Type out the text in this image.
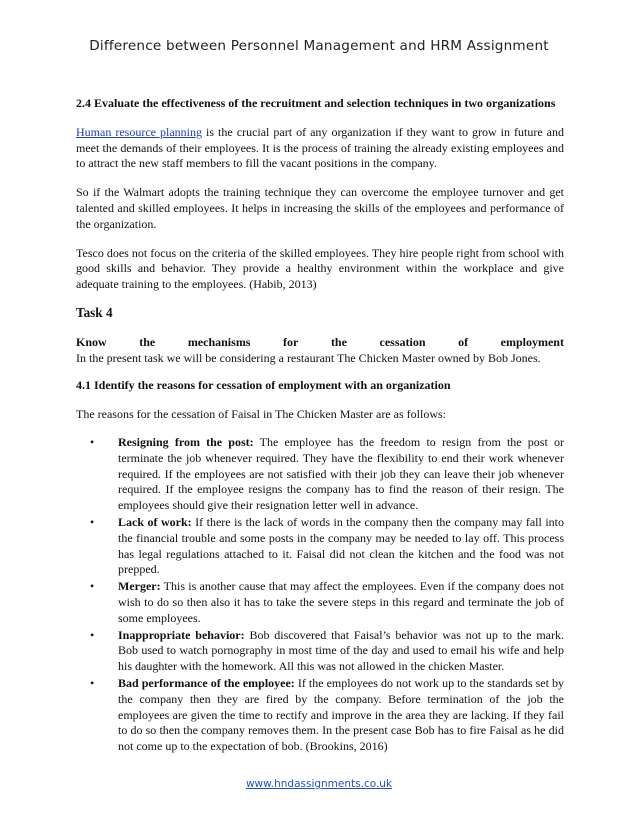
Difference between Personnel Management and HRM Assignment

2.4 Evaluate the effectiveness of the recruitment and selection techniques in two organizations

Human resource planning is the crucial part of any organization if they want to grow in future and meet the demands of their employees. It is the process of training the already existing employees and to attract the new staff members to fill the vacant positions in the company.

So if the Walmart adopts the training technique they can overcome the employee turnover and get talented and skilled employees. It helps in increasing the skills of the employees and performance of the organization.

Tesco does not focus on the criteria of the skilled employees. They hire people right from school with good skills and behavior. They provide a healthy environment within the workplace and give adequate training to the employees. (Habib, 2013)

Task 4
Know	the	mechanisms	for	the	cessation	of	employment

In the present task we will be considering a restaurant The Chicken Master owned by Bob Jones.

4.1 Identify the reasons for cessation of employment with an organization

The reasons for the cessation of Faisal in The Chicken Master are as follows:

• Resigning from the post: The employee has the freedom to resign from the post or terminate the job whenever required. They have the flexibility to end their work whenever required. If the employees are not satisfied with their job they can leave their job whenever required. If the employee resigns the company has to find the reason of their resign. The employees should give their resignation letter well in advance.
• Lack of work: If there is the lack of words in the company then the company may fall into the financial trouble and some posts in the company may be needed to lay off. This process has legal regulations attached to it. Faisal did not clean the kitchen and the food was not prepped.
• Merger: This is another cause that may affect the employees. Even if the company does not wish to do so then also it has to take the severe steps in this regard and terminate the job of some employees.
• Inappropriate behavior: Bob discovered that Faisal’s behavior was not up to the mark. Bob used to watch pornography in most time of the day and used to email his wife and help his daughter with the homework. All this was not allowed in the chicken Master.
• Bad performance of the employee: If the employees do not work up to the standards set by the company then they are fired by the company. Before termination of the job the employees are given the time to rectify and improve in the area they are lacking. If they fail to do so then the company removes them. In the present case Bob has to fire Faisal as he did not come up to the expectation of bob. (Brookins, 2016)
www.hndassignments.co.uk
